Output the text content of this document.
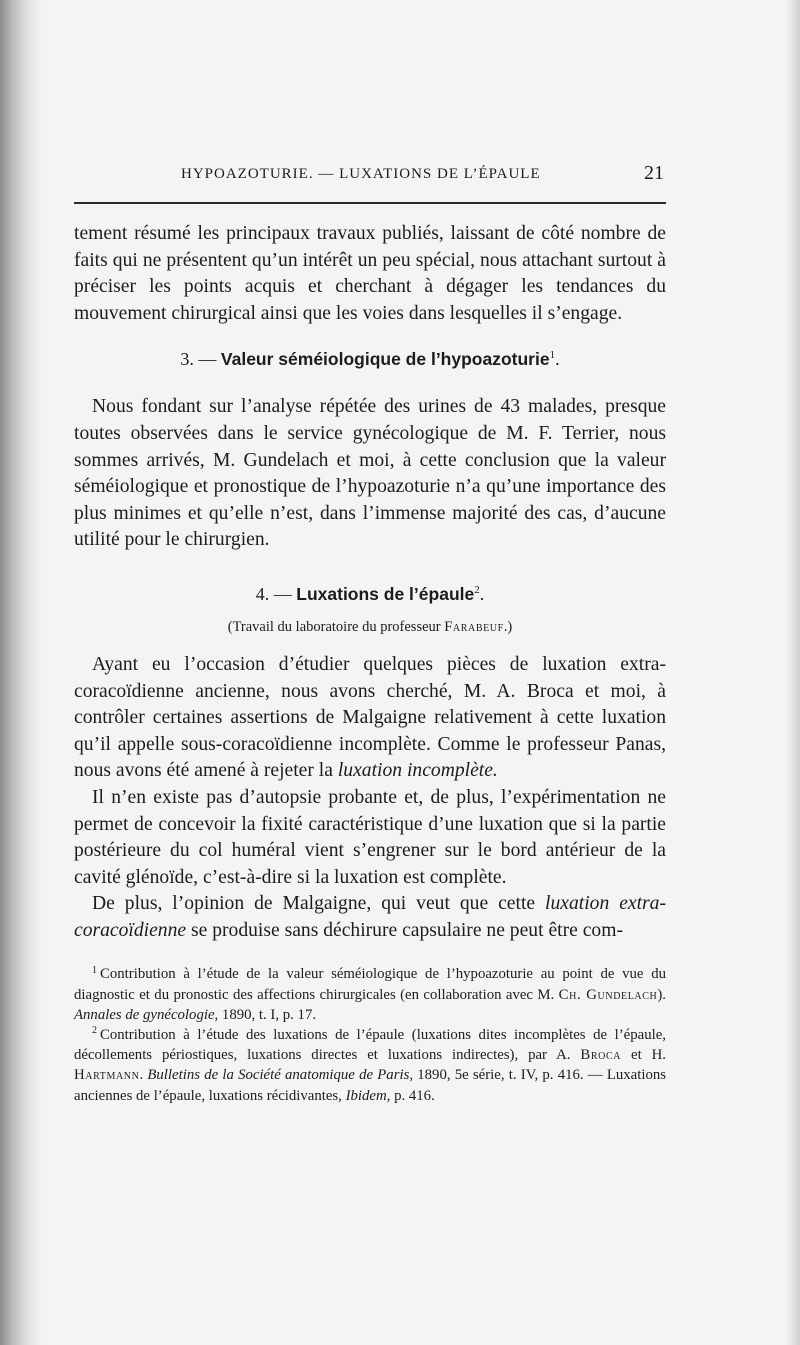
HYPOAZOTURIE. — LUXATIONS DE L’ÉPAULE	21

tement résumé les principaux travaux publiés, laissant de côté nombre de faits qui ne présentent qu’un intérêt un peu spécial, nous attachant surtout à préciser les points acquis et cherchant à dégager les tendances du mouvement chirurgical ainsi que les voies dans lesquelles il s’engage.

3. — Valeur séméiologique de l’hypoazoturie$^1$.

Nous fondant sur l’analyse répétée des urines de 43 malades, presque toutes observées dans le service gynécologique de M. F. Terrier, nous sommes arrivés, M. Gundelach et moi, à cette conclusion que la valeur séméiologique et pronostique de l’hypoazoturie n’a qu’une importance des plus minimes et qu’elle n’est, dans l’immense majorité des cas, d’aucune utilité pour le chirurgien.

4. — Luxations de l’épaule$^2$.

(Travail du laboratoire du professeur Farabeuf.)

Ayant eu l’occasion d’étudier quelques pièces de luxation extra-coracoïdienne ancienne, nous avons cherché, M. A. Broca et moi, à contrôler certaines assertions de Malgaigne relativement à cette luxation qu’il appelle sous-coracoïdienne incomplète. Comme le professeur Panas, nous avons été amené à rejeter la luxation incomplète.

Il n’en existe pas d’autopsie probante et, de plus, l’expérimentation ne permet de concevoir la fixité caractéristique d’une luxation que si la partie postérieure du col huméral vient s’engrener sur le bord antérieur de la cavité glénoïde, c’est-à-dire si la luxation est complète.

De plus, l’opinion de Malgaigne, qui veut que cette luxation extra-coracoïdienne se produise sans déchirure capsulaire ne peut être com-

$^1$ Contribution à l’étude de la valeur séméiologique de l’hypoazoturie au point de vue du diagnostic et du pronostic des affections chirurgicales (en collaboration avec M. Ch. Gundelach). Annales de gynécologie, 1890, t. I, p. 17.

$^2$ Contribution à l’étude des luxations de l’épaule (luxations dites incomplètes de l’épaule, décollements périostiques, luxations directes et luxations indirectes), par A. Broca et H. Hartmann. Bulletins de la Société anatomique de Paris, 1890, 5e série, t. IV, p. 416. — Luxations anciennes de l’épaule, luxations récidivantes, Ibidem, p. 416.
